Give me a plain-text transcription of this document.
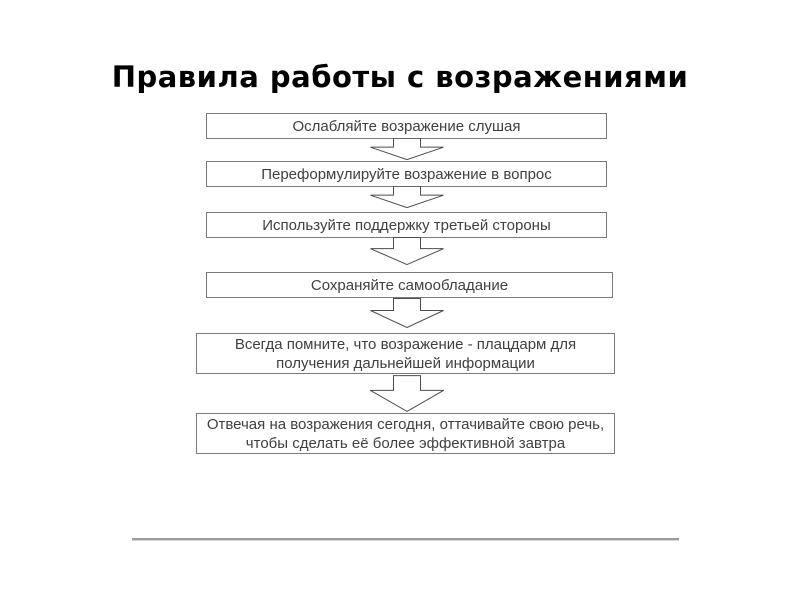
Правила работы с возражениями
Ослабляйте возражение слушая
Переформулируйте возражение в вопрос
Используйте поддержку третьей стороны
Сохраняйте самообладание
Всегда помните, что возражение - плацдарм для получения дальнейшей информации
Отвечая на возражения сегодня, оттачивайте свою речь, чтобы сделать её более эффективной завтра
